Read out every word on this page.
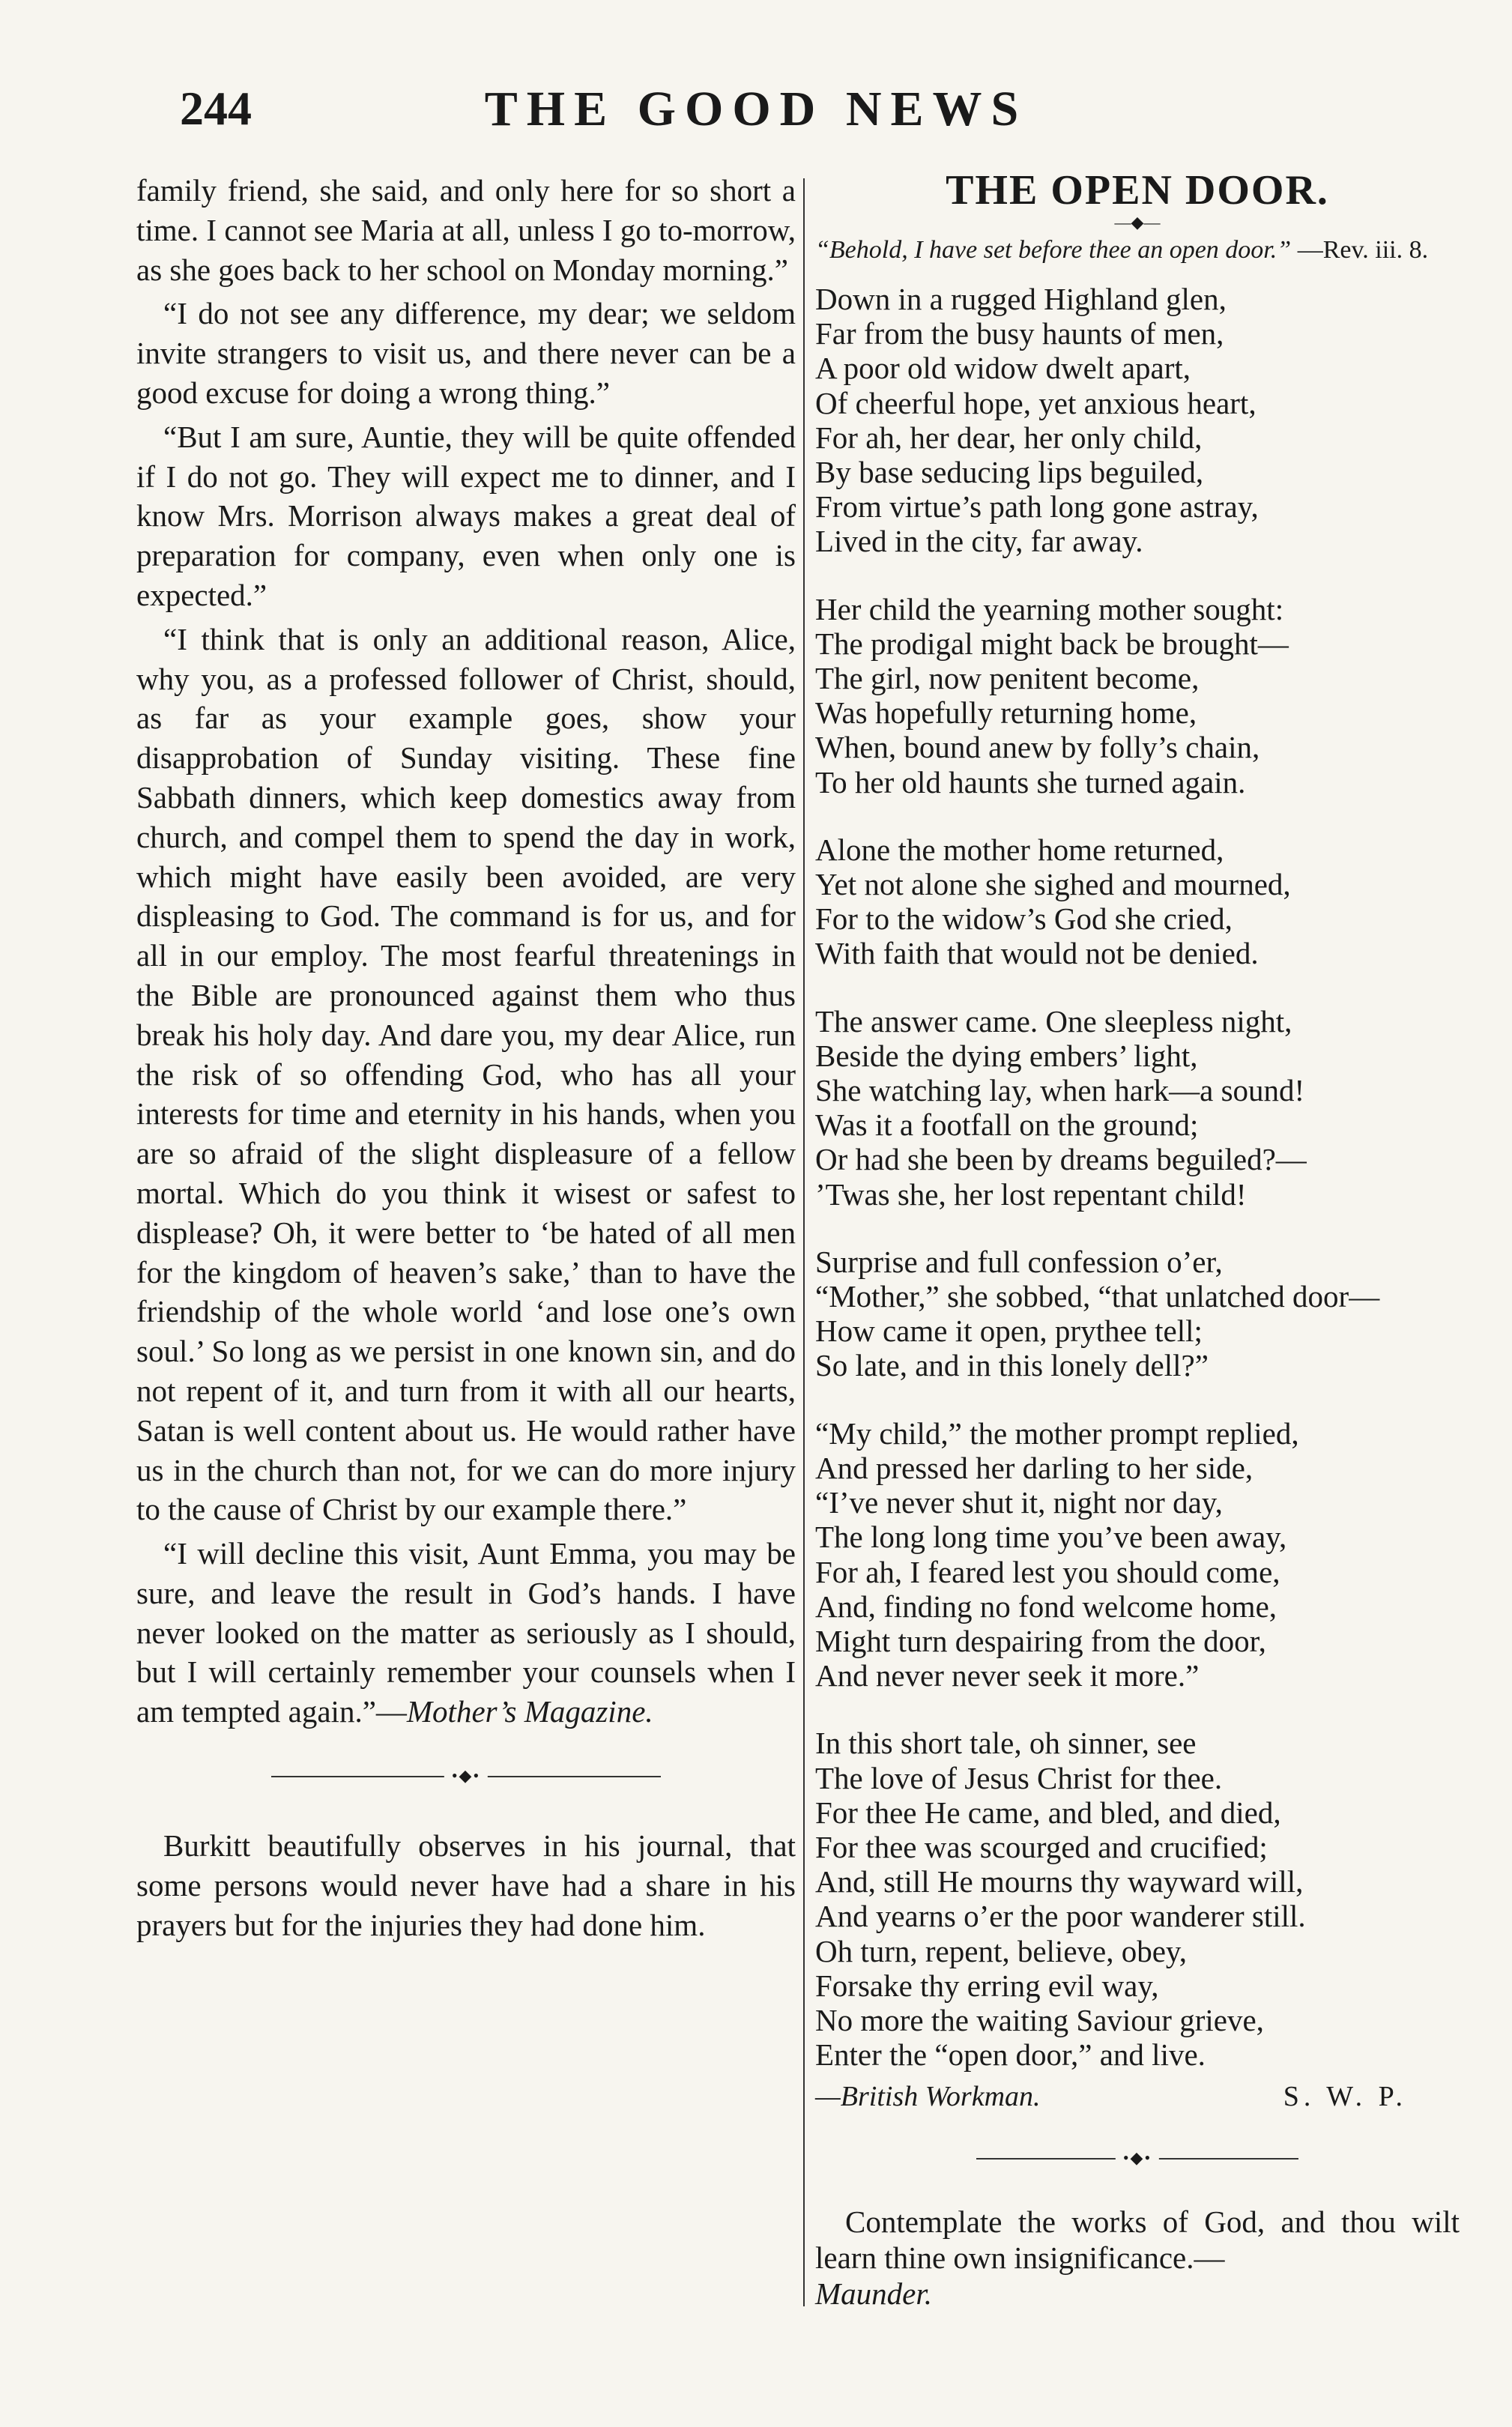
244	THE GOOD NEWS

family friend, she said, and only here for so short a time. I cannot see Maria at all, unless I go to-morrow, as she goes back to her school on Monday morning.”

“I do not see any difference, my dear; we seldom invite strangers to visit us, and there never can be a good excuse for doing a wrong thing.”

“But I am sure, Auntie, they will be quite offended if I do not go. They will expect me to dinner, and I know Mrs. Morrison always makes a great deal of preparation for company, even when only one is expected.”

“I think that is only an additional reason, Alice, why you, as a professed follower of Christ, should, as far as your example goes, show your disapprobation of Sunday visiting. These fine Sabbath dinners, which keep domestics away from church, and compel them to spend the day in work, which might have easily been avoided, are very displeasing to God. The command is for us, and for all in our employ. The most fearful threatenings in the Bible are pronounced against them who thus break his holy day. And dare you, my dear Alice, run the risk of so offending God, who has all your interests for time and eternity in his hands, when you are so afraid of the slight displeasure of a fellow mortal. Which do you think it wisest or safest to displease? Oh, it were better to ‘be hated of all men for the kingdom of heaven’s sake,’ than to have the friendship of the whole world ‘and lose one’s own soul.’ So long as we persist in one known sin, and do not repent of it, and turn from it with all our hearts, Satan is well content about us. He would rather have us in the church than not, for we can do more injury to the cause of Christ by our example there.”

“I will decline this visit, Aunt Emma, you may be sure, and leave the result in God’s hands. I have never looked on the matter as seriously as I should, but I will certainly remember your counsels when I am tempted again.”—Mother’s Magazine.

•◆•

Burkitt beautifully observes in his journal, that some persons would never have had a share in his prayers but for the injuries they had done him.

THE OPEN DOOR.

—◆—

“Behold, I have set before thee an open door.” —Rev. iii. 8.

Down in a rugged Highland glen,
Far from the busy haunts of men,
A poor old widow dwelt apart,
Of cheerful hope, yet anxious heart,
For ah, her dear, her only child,
By base seducing lips beguiled,
From virtue’s path long gone astray,
Lived in the city, far away.
Her child the yearning mother sought:
The prodigal might back be brought—
The girl, now penitent become,
Was hopefully returning home,
When, bound anew by folly’s chain,
To her old haunts she turned again.
Alone the mother home returned,
Yet not alone she sighed and mourned,
For to the widow’s God she cried,
With faith that would not be denied.
The answer came. One sleepless night,
Beside the dying embers’ light,
She watching lay, when hark—a sound!
Was it a footfall on the ground;
Or had she been by dreams beguiled?—
’Twas she, her lost repentant child!
Surprise and full confession o’er,
“Mother,” she sobbed, “that unlatched door—
How came it open, prythee tell;
So late, and in this lonely dell?”
“My child,” the mother prompt replied,
And pressed her darling to her side,
“I’ve never shut it, night nor day,
The long long time you’ve been away,
For ah, I feared lest you should come,
And, finding no fond welcome home,
Might turn despairing from the door,
And never never seek it more.”
In this short tale, oh sinner, see
The love of Jesus Christ for thee.
For thee He came, and bled, and died,
For thee was scourged and crucified;
And, still He mourns thy wayward will,
And yearns o’er the poor wanderer still.
Oh turn, repent, believe, obey,
Forsake thy erring evil way,
No more the waiting Saviour grieve,
Enter the “open door,” and live.
—British Workman.	S. W. P.
•◆•

Contemplate the works of God, and thou wilt learn thine own insignificance.—
Maunder.
